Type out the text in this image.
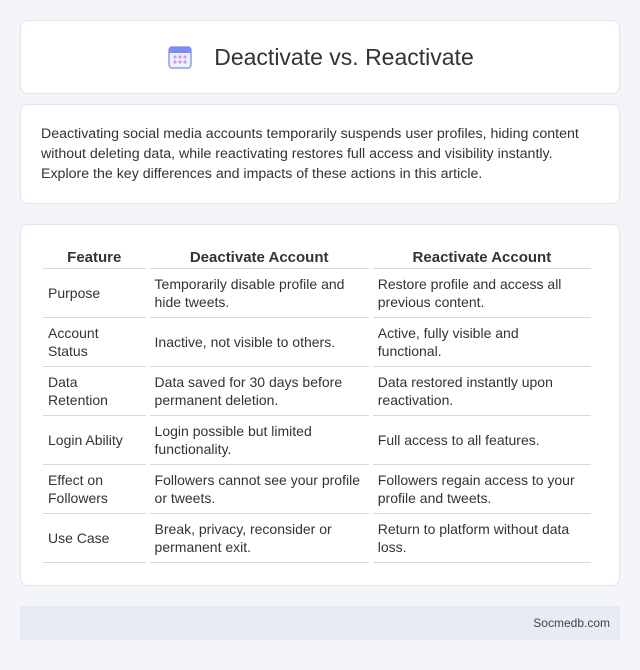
Deactivate vs. Reactivate

Deactivating social media accounts temporarily suspends user profiles, hiding content without deleting data, while reactivating restores full access and visibility instantly. Explore the key differences and impacts of these actions in this article.

Feature	Deactivate Account	Reactivate Account
Purpose	Temporarily disable profile and hide tweets.	Restore profile and access all previous content.
Account Status	Inactive, not visible to others.	Active, fully visible and functional.
Data Retention	Data saved for 30 days before permanent deletion.	Data restored instantly upon reactivation.
Login Ability	Login possible but limited functionality.	Full access to all features.
Effect on Followers	Followers cannot see your profile or tweets.	Followers regain access to your profile and tweets.
Use Case	Break, privacy, reconsider or permanent exit.	Return to platform without data loss.
Socmedb.com
